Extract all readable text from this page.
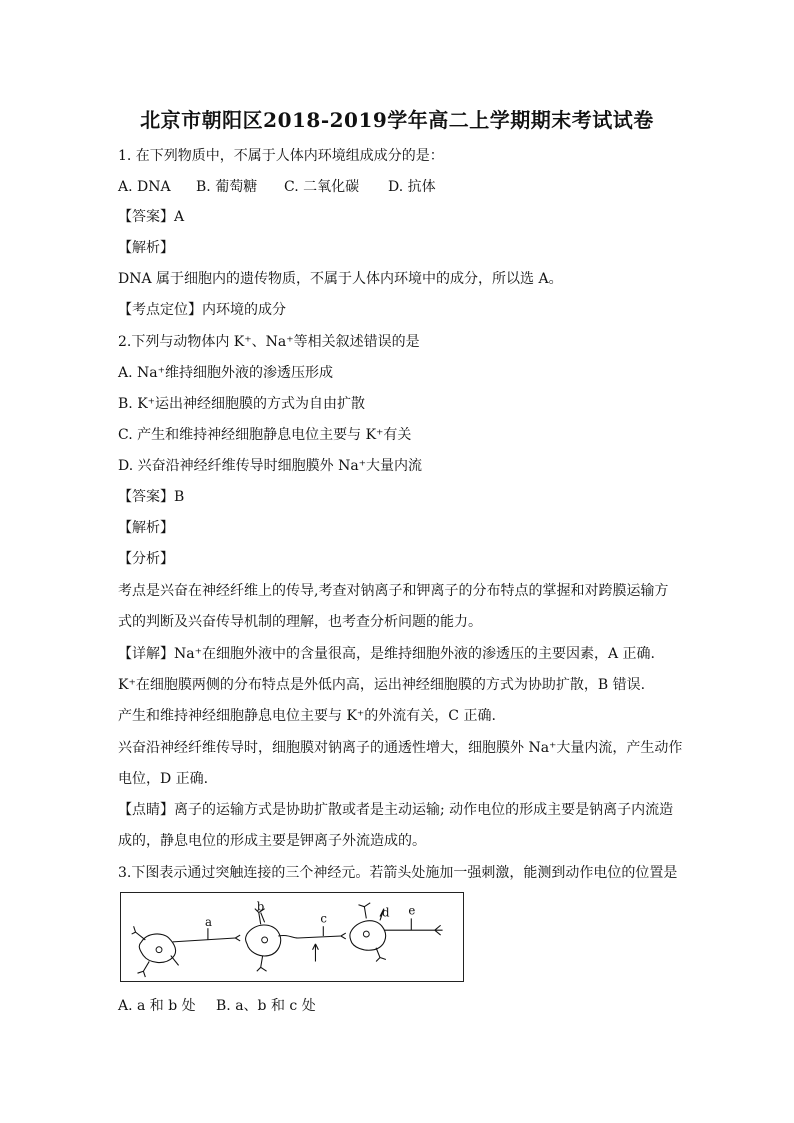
北京市朝阳区2018-2019学年高二上学期期末考试试卷
1. 在下列物质中，不属于人体内环境组成成分的是：
A. DNA B. 葡萄糖 C. 二氧化碳 D. 抗体
【答案】A
【解析】
DNA 属于细胞内的遗传物质，不属于人体内环境中的成分，所以选 A。
【考点定位】内环境的成分
2.下列与动物体内 K⁺、Na⁺等相关叙述错误的是
A. Na⁺维持细胞外液的渗透压形成
B. K⁺运出神经细胞膜的方式为自由扩散
C. 产生和维持神经细胞静息电位主要与 K⁺有关
D. 兴奋沿神经纤维传导时细胞膜外 Na⁺大量内流
【答案】B
【解析】
【分析】
考点是兴奋在神经纤维上的传导,考查对钠离子和钾离子的分布特点的掌握和对跨膜运输方
式的判断及兴奋传导机制的理解，也考查分析问题的能力。
【详解】Na⁺在细胞外液中的含量很高，是维持细胞外液的渗透压的主要因素，A 正确.
K⁺在细胞膜两侧的分布特点是外低内高，运出神经细胞膜的方式为协助扩散，B 错误.
产生和维持神经细胞静息电位主要与 K⁺的外流有关，C 正确.
兴奋沿神经纤维传导时，细胞膜对钠离子的通透性增大，细胞膜外 Na⁺大量内流，产生动作
电位，D 正确.
【点睛】离子的运输方式是协助扩散或者是主动运输; 动作电位的形成主要是钠离子内流造
成的，静息电位的形成主要是钾离子外流造成的。
3.下图表示通过突触连接的三个神经元。若箭头处施加一强刺激，能测到动作电位的位置是
a
b
c	d e
A. a 和 b 处 B. a、b 和 c 处
